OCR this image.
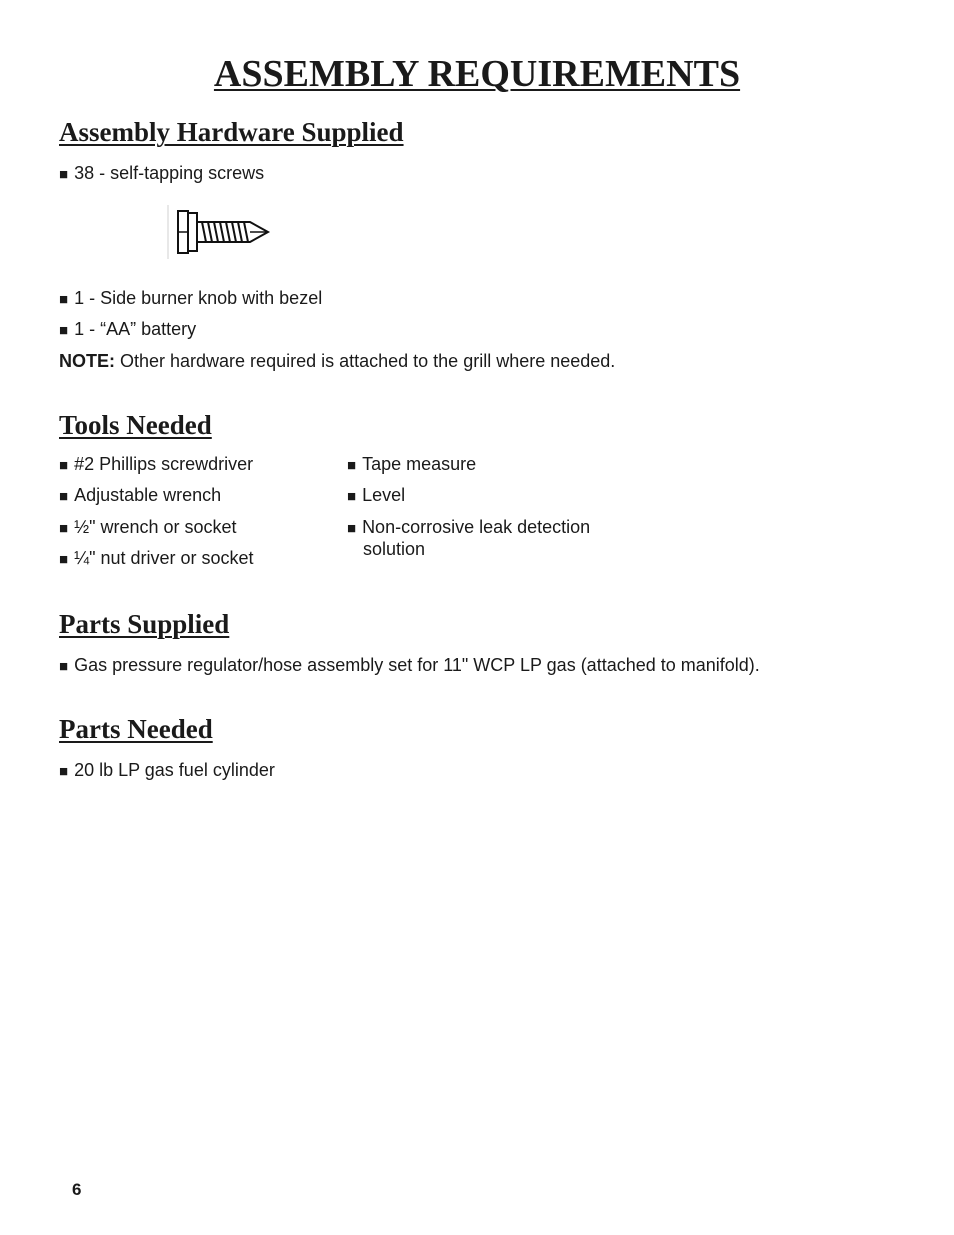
ASSEMBLY REQUIREMENTS
Assembly Hardware Supplied

■ 38 - self-tapping screws

■ 1 - Side burner knob with bezel

■ 1 - “AA” battery

NOTE: Other hardware required is attached to the grill where needed.

Tools Needed

■ #2 Phillips screwdriver

■ Adjustable wrench

■ ½" wrench or socket

■ ¼" nut driver or socket

■ Tape measure

■ Level

■ Non-corrosive leak detection

solution

Parts Supplied

■ Gas pressure regulator/hose assembly set for 11" WCP LP gas (attached to manifold).

Parts Needed

■ 20 lb LP gas fuel cylinder

6
